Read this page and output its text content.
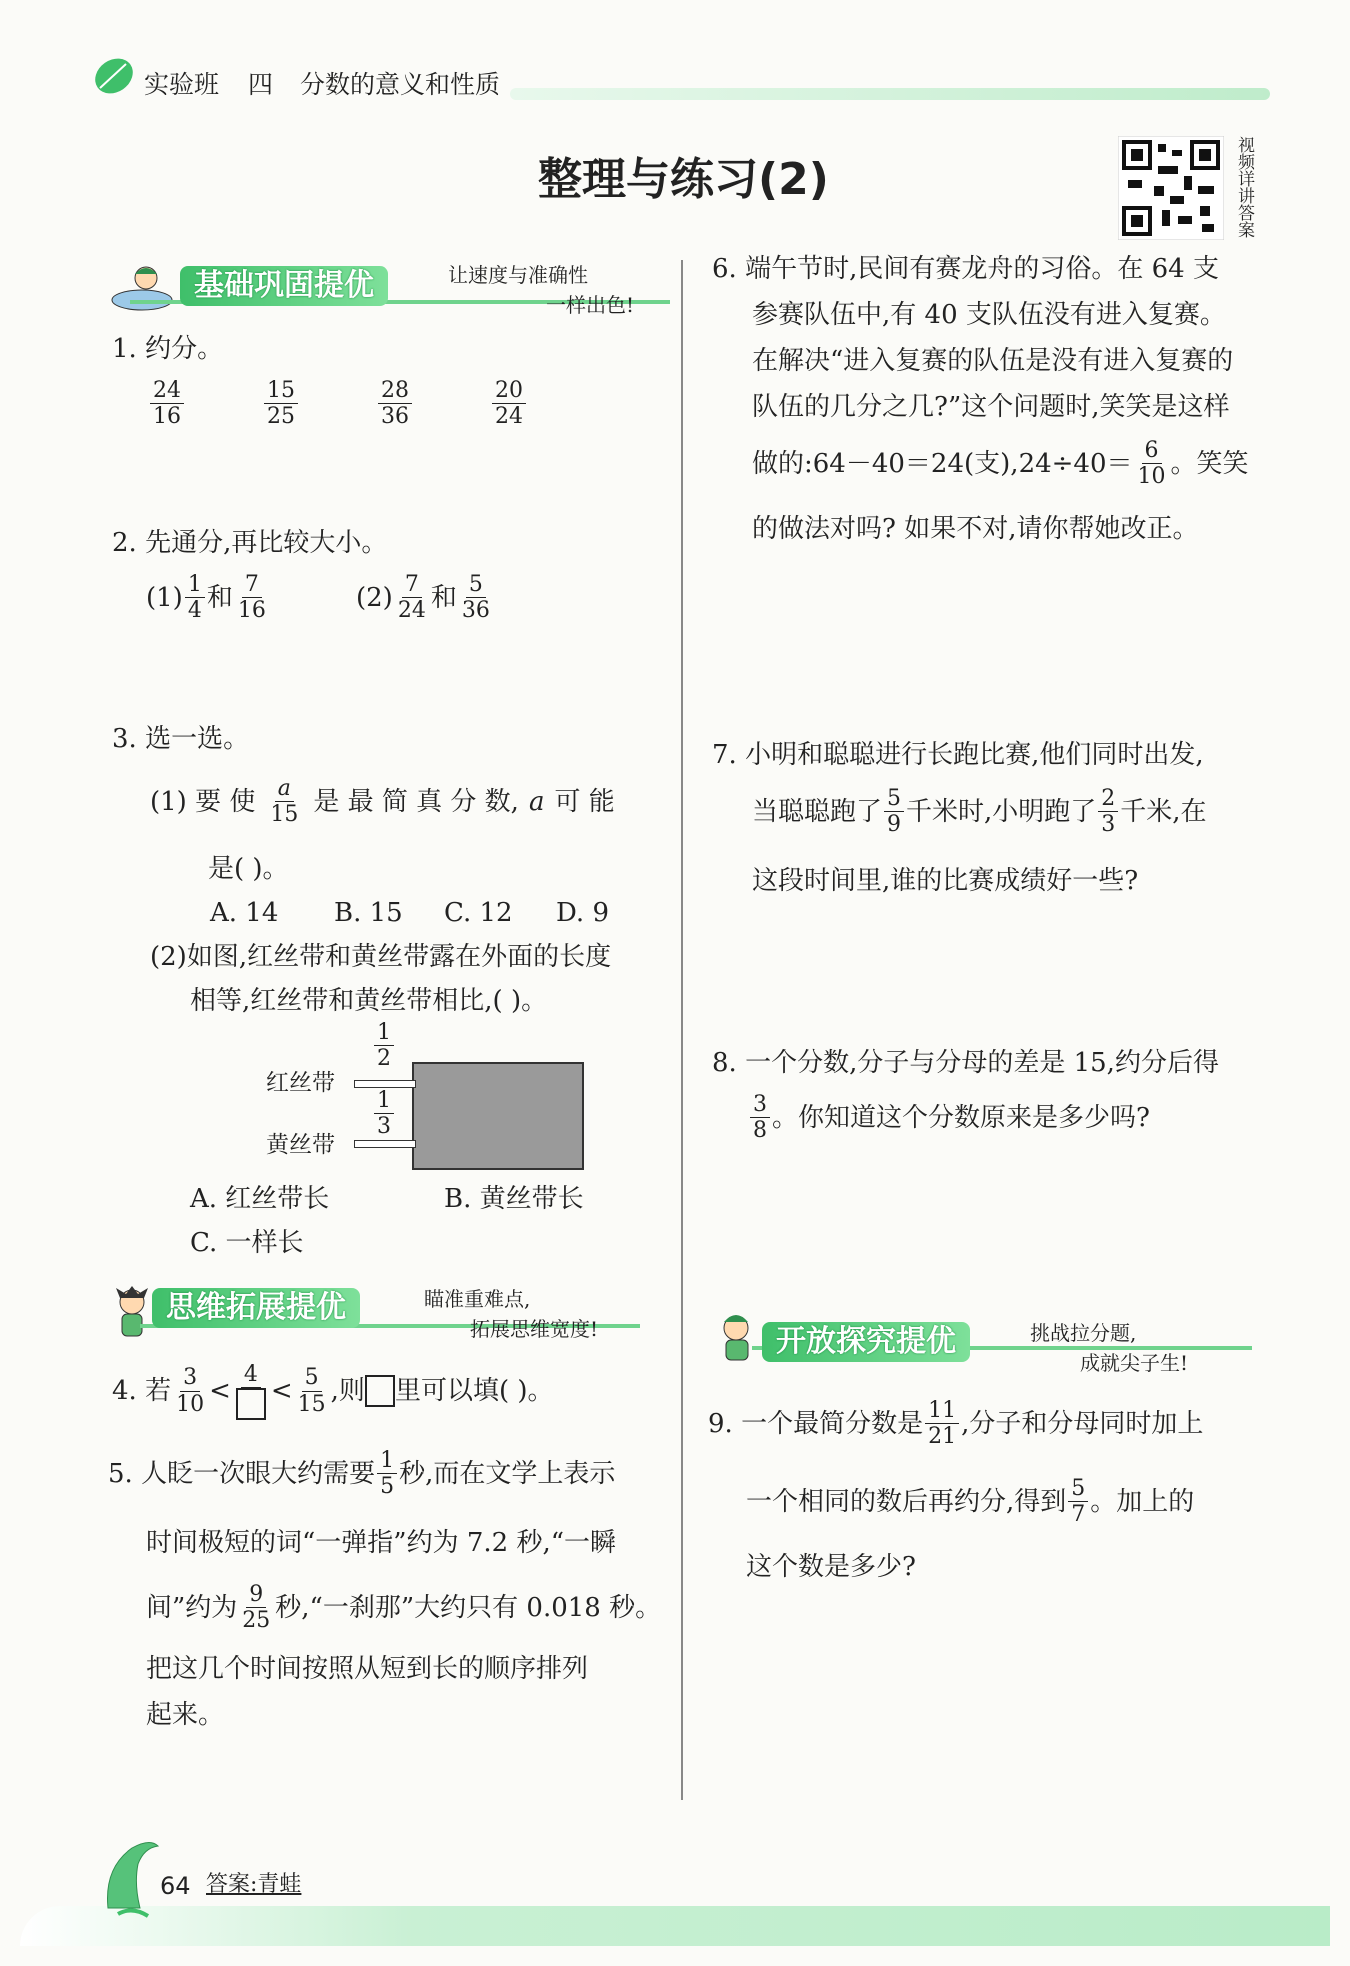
实验班 四 分数的意义和性质
整理与练习(2)	视频详讲答案
基础巩固提优	让速度与准确性
一样出色!
1. 约分。
$\frac{24}{16}$	$\frac{15}{25}$	$\frac{28}{36}$	$\frac{20}{24}$
2. 先通分,再比较大小。
$(1) \frac{1}{4}$ 和 $\frac{7}{16}$	$(2) \frac{7}{24}$ 和 $\frac{5}{36}$
3. 选一选。
(1) 要 使 $\frac{a}{15}$ 是 最 简 真 分 数, a 可 能
是( )。
A. 14 B. 15 C. 12 D. 9
(2)如图,红丝带和黄丝带露在外面的长度
相等,红丝带和黄丝带相比,( )。
$\frac{1}{2}$
$\frac{1}{3}$
红丝带
黄丝带
A. 红丝带长	B. 黄丝带长
C. 一样长
思维拓展提优	瞄准重难点,
拓展思维宽度!
4. 若 $\frac{3}{10}$ <
4
< $\frac{5}{15}$ ,则 里可以填( )。
5. 人眨一次眼大约需要 $\frac{1}{5}$ 秒,而在文学上表示
时间极短的词“一弹指”约为 7.2 秒,“一瞬
间”约为 $\frac{9}{25}$ 秒,“一刹那”大约只有 0.018 秒。
把这几个时间按照从短到长的顺序排列
起来。
6. 端午节时,民间有赛龙舟的习俗。在 64 支
参赛队伍中,有 40 支队伍没有进入复赛。
在解决“进入复赛的队伍是没有进入复赛的
队伍的几分之几?”这个问题时,笑笑是这样
做的:64－40＝24(支)$,24\div 40= \frac{6}{10}$ 。笑笑
的做法对吗? 如果不对,请你帮她改正。
7. 小明和聪聪进行长跑比赛,他们同时出发,
当聪聪跑了 $\frac{5}{9}$ 千米时,小明跑了 $\frac{2}{3}$ 千米,在
这段时间里,谁的比赛成绩好一些?
8. 一个分数,分子与分母的差是 15,约分后得
$\frac{3}{8}$ 。你知道这个分数原来是多少吗?
开放探究提优	挑战拉分题,
成就尖子生!
9. 一个最简分数是 $\frac{11}{21}$ ,分子和分母同时加上
一个相同的数后再约分,得到 $\frac{5}{7}$ 。加上的
这个数是多少?
64 答案:青蛙
